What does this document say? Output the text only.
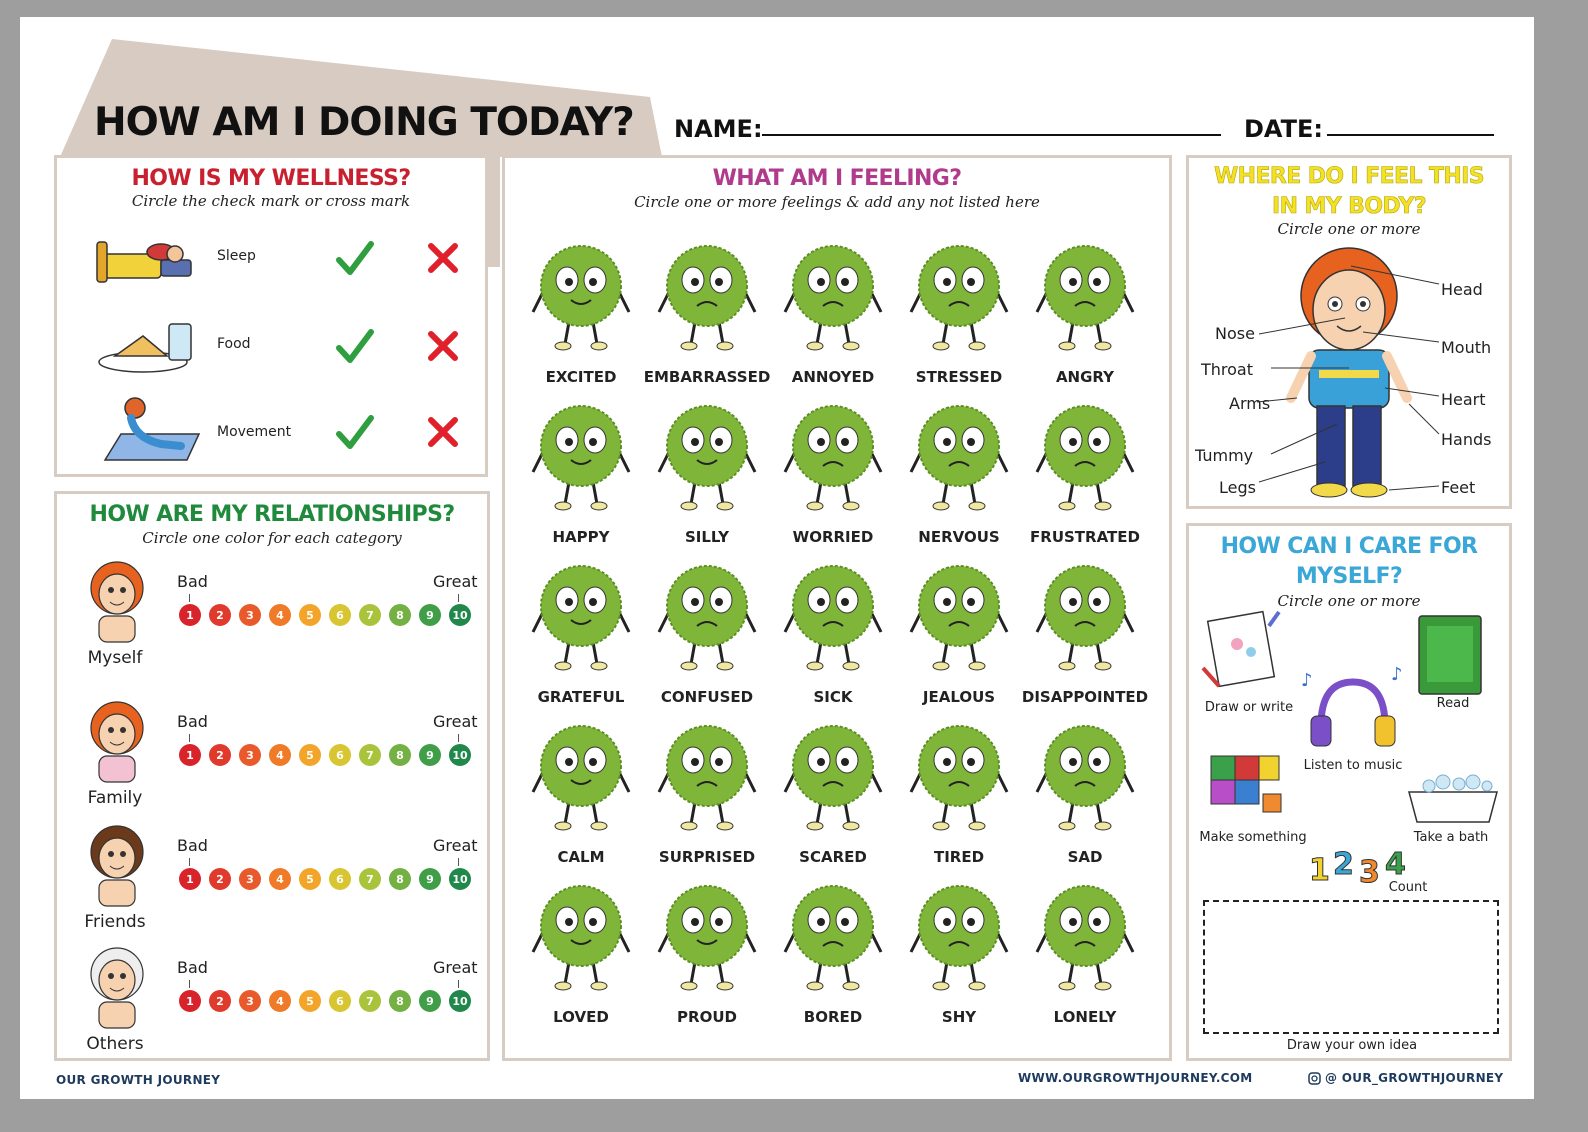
HOW AM I DOING TODAY? NAME:	DATE:
HOW IS MY WELLNESS?
Circle the check mark or cross mark
Sleep
Food
Movement
HOW ARE MY RELATIONSHIPS?
Circle one color for each category
Myself
Bad	Great
1	2	3	4	5	6	7	8	9	10
Family
Bad	Great
1	2	3	4	5	6	7	8	9	10
Friends
Bad	Great
1	2	3	4	5	6	7	8	9	10
Others
Bad	Great
1	2	3	4	5	6	7	8	9	10
WHAT AM I FEELING?
Circle one or more feelings & add any not listed here
EXCITED	EMBARRASSED	ANNOYED	STRESSED	ANGRY
HAPPY	SILLY	WORRIED	NERVOUS	FRUSTRATED
GRATEFUL	CONFUSED	SICK	JEALOUS	DISAPPOINTED
CALM	SURPRISED	SCARED	TIRED	SAD
LOVED	PROUD	BORED	SHY	LONELY
WHERE DO I FEEL THIS
IN MY BODY?
Circle one or more
Head
Nose
Mouth
Throat
Arms	Heart
Hands
Tummy
Legs	Feet
HOW CAN I CARE FOR
MYSELF?
Circle one or more
Draw or write	Read
♪	♪
Listen to music
Make something	Take a bath
1 2 3 4
Count
Draw your own idea
OUR GROWTH JOURNEY	WWW.OURGROWTHJOURNEY.COM	@ OUR_GROWTHJOURNEY
